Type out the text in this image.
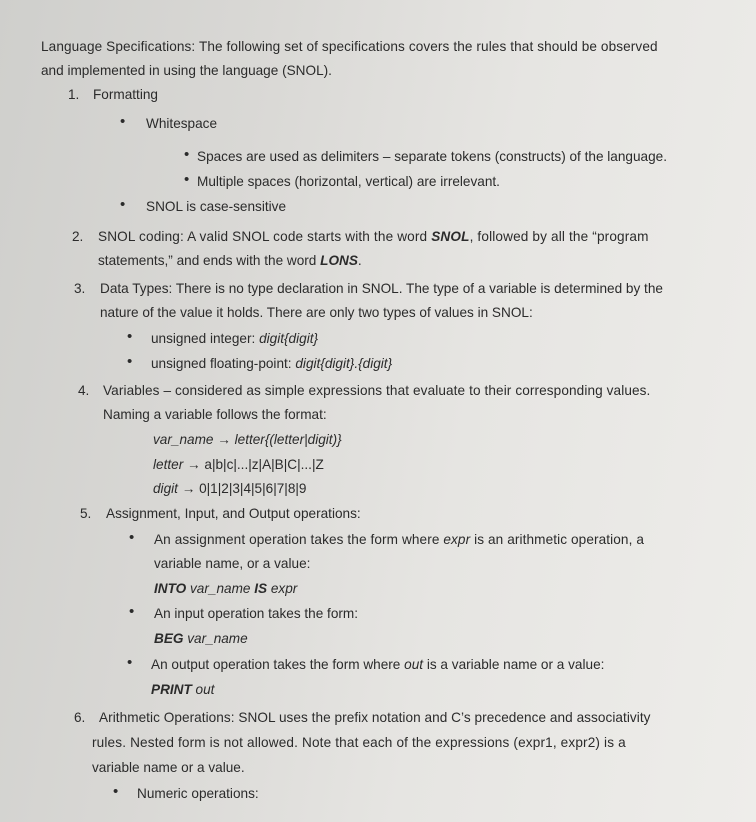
Language Specifications: The following set of specifications covers the rules that should be observed
and implemented in using the language (SNOL).
1. Formatting
• Whitespace
• Spaces are used as delimiters – separate tokens (constructs) of the language.
• Multiple spaces (horizontal, vertical) are irrelevant.
• SNOL is case-sensitive
2. SNOL coding: A valid SNOL code starts with the word SNOL, followed by all the “program
statements,” and ends with the word LONS.
3. Data Types: There is no type declaration in SNOL. The type of a variable is determined by the
nature of the value it holds. There are only two types of values in SNOL:
• unsigned integer: digit{digit}
• unsigned floating-point: digit{digit}.{digit}
4. Variables – considered as simple expressions that evaluate to their corresponding values.
Naming a variable follows the format:
var_name → letter{(letter|digit)}
letter → a|b|c|...|z|A|B|C|...|Z
digit → 0|1|2|3|4|5|6|7|8|9
5. Assignment, Input, and Output operations:
• An assignment operation takes the form where expr is an arithmetic operation, a
variable name, or a value:
INTO var_name IS expr
• An input operation takes the form:
BEG var_name
• An output operation takes the form where out is a variable name or a value:
PRINT out
6. Arithmetic Operations: SNOL uses the prefix notation and C’s precedence and associativity
rules. Nested form is not allowed. Note that each of the expressions (expr1, expr2) is a
variable name or a value.
• Numeric operations:
